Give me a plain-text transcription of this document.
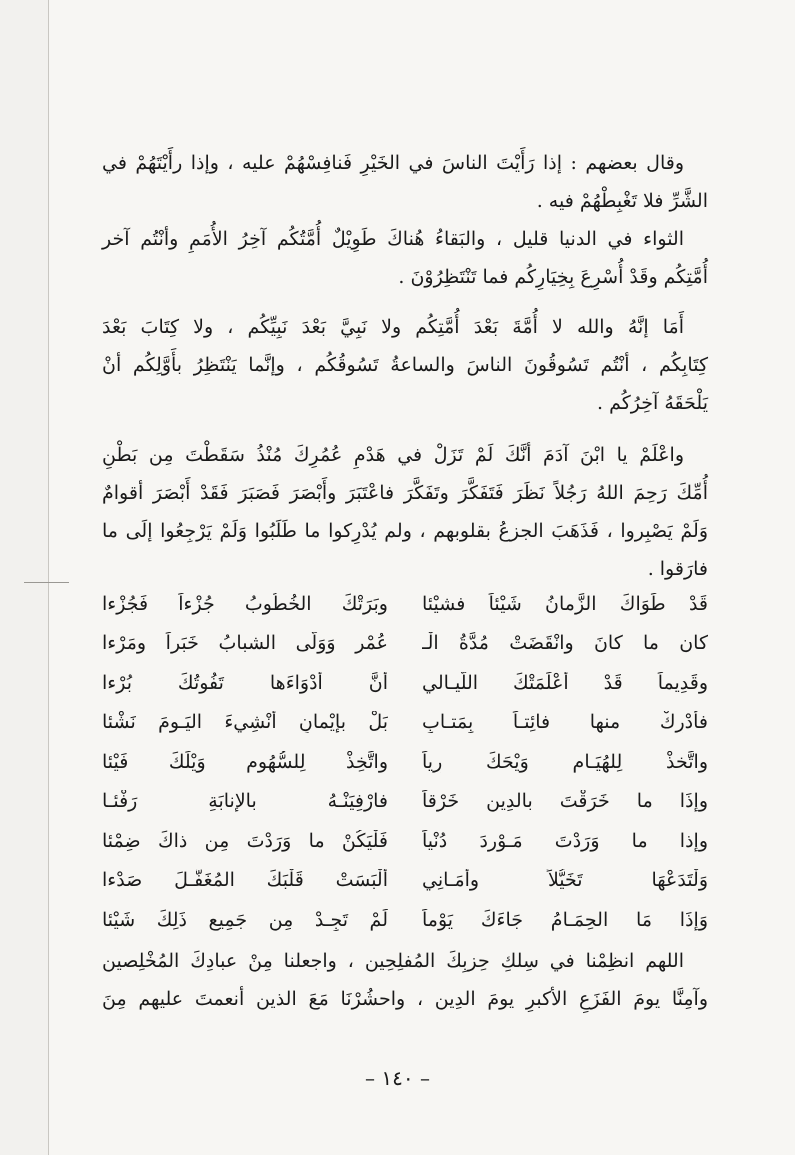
وقال بعضهم : إذا رَأَيْتَ الناسَ في الخَيْرِ فَنافِسْهُمْ عليه ، وإذا رأَيْتَهُمْ في

الشَّرِّ فلا تَغْبِطْهُمْ فيه .

الثواء في الدنيا قليل ، والبَقاءُ هُناكَ طَوِيْلٌ أُمَّتُكُم آخِرُ الأُمَمِ وأنْتُم آخر

أُمَّتِكُم وقَدْ أُسْرِعَ بِخِيَارِكُم فما تَنْتَظِرُوْنَ .

أَمَا إنَّهُ والله لا أُمَّةَ بَعْدَ أُمَّتِكُم ولا نَبِيَّ بَعْدَ نَبِيِّكُم ، ولا كِتَابَ بَعْدَ

كِتَابِكُم ، أنْتُم تَسُوقُونَ الناسَ والساعةُ تَسُوقُكُم ، وإنَّما يَنْتَظِرُ بأَوَّلِكُم أنْ

يَلْحَقَهُ آخِرُكُم .

واعْلَمْ يا ابْنَ آدَمَ أنَّكَ لَمْ تَزَلْ في هَدْمِ عُمُرِكَ مُنْذُ سَقَطْتَ مِن بَطْنِ

أُمِّكَ رَحِمَ اللهُ رَجُلاً نَظَرَ فَتَفَكَّرَ وتَفَكَّرَ فاعْتَبَرَ وأَبْصَرَ فَصَبَرَ فَقَدْ أَبْصَرَ أقوامٌ

وَلَمْ يَصْبِروا ، فَذَهَبَ الجزعُ بقلوبهم ، ولم يُدْرِكوا ما طَلَبُوا وَلَمْ يَرْجِعُوا إلَى ما

فارَقوا .

قَدْ طَوَاكَ الزَّمانُ شَيْئاً فشيْئا
وبَرَتْكَ الخُطُوبُ جُزْءاً فَجُزْءا
كان ما كانَ وانْقَضَتْ مُدَّةُ الْـ
عُمْرِ وَوَلَّى الشبابُ خَبَراً ومَرْءا
وقَدِيماً قَدْ أعْلَمَتْكَ اللَّيـالي
أنَّ أدْوَاءَها تَفُوتُكَ بُرْءا
فأدْرِكْ منها فائِتـاً بِمَتـابٍ
بَلْ بإيْمانٍ أنْشِيءَ اليَـومَ نَشْئا
واتَّخذْ لِلهُيَـامِ وَيْحَكَ رِياً
واتَّخِذْ لِلسُّهُومِ وَيْلَكَ فَيْئا
وإذَا ما خَرَقْتَ بالدِين خَرْقاً
فارْفِيَنْـهُ بالإنابَةِ رَفْئـا
وإذا ما وَرَدْتَ مَـوْرِدَ دُنْياً
فَلْيَكُنْ ما وَرَدْتَ مِن ذاكَ ضِمْئا
وَلْتَدَعْهَا تَخَيُّلاً وأمَـانِي
أَلْبَسَتْ قَلْبَكَ المُغَفَّـلَ صَدْءا
وَإذَا مَا الحِمَـامُ جَاءَكَ يَوْماً
لَمْ تَجِـدْ مِن جَمِيعِ ذَلِكَ شَيْئا

اللهم انظِمْنا في سِلكِ حِزبِكَ المُفلِحِين ، واجعلنا مِنْ عبادِكَ المُخْلِصين

وآمِنَّا يومَ الفَزَعِ الأكبرِ يومَ الدِين ، واحشُرْنَا مَعَ الذين أنعمتَ عليهم مِنَ

– ١٤٠ –
